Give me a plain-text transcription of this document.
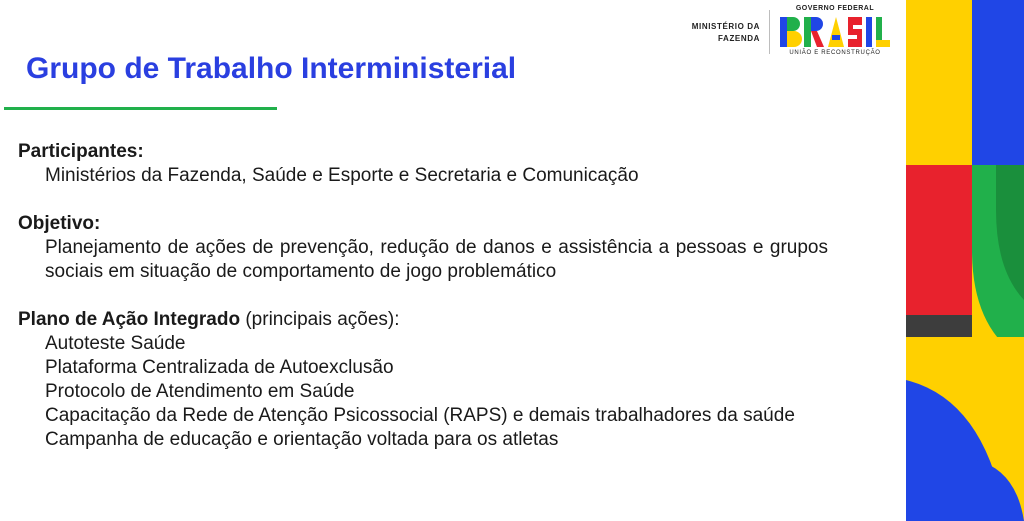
Grupo de Trabalho Interministerial
MINISTÉRIO DA
FAZENDA
GOVERNO FEDERAL
UNIÃO E RECONSTRUÇÃO
Participantes:
Ministérios da Fazenda, Saúde e Esporte e Secretaria e Comunicação
Objetivo:
Planejamento de ações de prevenção, redução de danos e assistência a pessoas e grupos sociais em situação de comportamento de jogo problemático
Plano de Ação Integrado (principais ações):
Autoteste Saúde
Plataforma Centralizada de Autoexclusão
Protocolo de Atendimento em Saúde
Capacitação da Rede de Atenção Psicossocial (RAPS) e demais trabalhadores da saúde
Campanha de educação e orientação voltada para os atletas
